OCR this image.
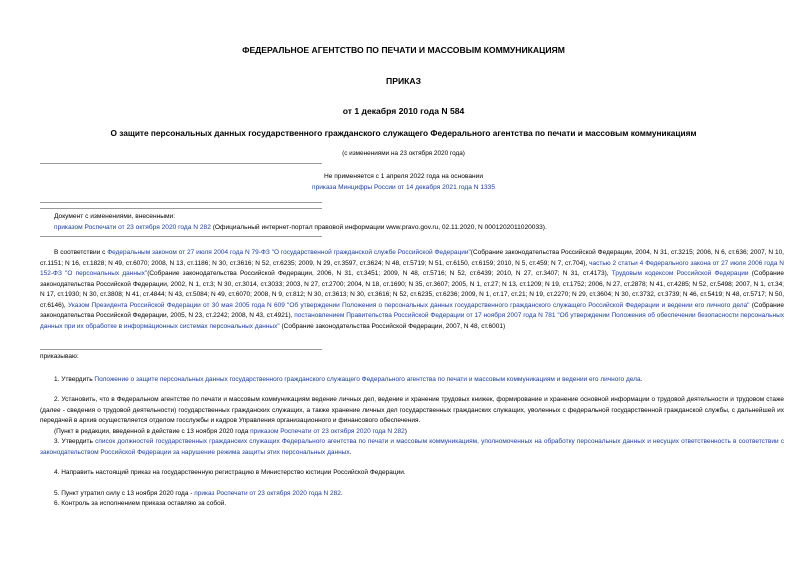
ФЕДЕРАЛЬНОЕ АГЕНТСТВО ПО ПЕЧАТИ И МАССОВЫМ КОММУНИКАЦИЯМ
ПРИКАЗ
от 1 декабря 2010 года N 584
О защите персональных данных государственного гражданского служащего Федерального агентства по печати и массовым коммуникациям
(с изменениями на 23 октября 2020 года)
Не применяется с 1 апреля 2022 года на основании
приказа Минцифры России от 14 декабря 2021 года N 1335
Документ с изменениями, внесенными:
приказом Роспечати от 23 октября 2020 года N 282 (Официальный интернет-портал правовой информации www.pravo.gov.ru, 02.11.2020, N 0001202011020033).
В соответствии с Федеральным законом от 27 июля 2004 года N 79-ФЗ "О государственной гражданской службе Российской Федерации"(Собрание законодательства Российской Федерации, 2004, N 31, ст.3215; 2006, N 6, ст.636; 2007, N 10, ст.1151; N 16, ст.1828; N 49, ст.6070; 2008, N 13, ст.1186; N 30, ст.3616; N 52, ст.6235; 2009, N 29, ст.3597, ст.3624; N 48, ст.5719; N 51, ст.6150, ст.6159; 2010, N 5, ст.459; N 7, ст.704), частью 2 статьи 4 Федерального закона от 27 июля 2006 года N 152-ФЗ "О персональных данных"(Собрание законодательства Российской Федерации, 2006, N 31, ст.3451; 2009, N 48, ст.5716; N 52, ст.6439; 2010, N 27, ст.3407; N 31, ст.4173), Трудовым кодексом Российской Федерации (Собрание законодательства Российской Федерации, 2002, N 1, ст.3; N 30, ст.3014, ст.3033; 2003, N 27, ст.2700; 2004, N 18, ст.1690; N 35, ст.3607; 2005, N 1, ст.27; N 13, ст.1209; N 19, ст.1752; 2006, N 27, ст.2878; N 41, ст.4285; N 52, ст.5498; 2007, N 1, ст.34; N 17, ст.1930; N 30, ст.3808; N 41, ст.4844; N 43, ст.5084; N 49, ст.6070; 2008, N 9, ст.812; N 30, ст.3613; N 30, ст.3616; N 52, ст.6235, ст.6236; 2009, N 1, ст.17, ст.21; N 19, ст.2270; N 29, ст.3604; N 30, ст.3732, ст.3739; N 46, ст.5419; N 48, ст.5717; N 50, ст.6146), Указом Президента Российской Федерации от 30 мая 2005 года N 609 "Об утверждении Положения о персональных данных государственного гражданского служащего Российской Федерации и ведении его личного дела" (Собрание законодательства Российской Федерации, 2005, N 23, ст.2242; 2008, N 43, ст.4921), постановлением Правительства Российской Федерации от 17 ноября 2007 года N 781 "Об утверждении Положения об обеспечении безопасности персональных данных при их обработке в информационных системах персональных данных" (Собрание законодательства Российской Федерации, 2007, N 48, ст.6001)
приказываю:
1. Утвердить Положение о защите персональных данных государственного гражданского служащего Федерального агентства по печати и массовым коммуникациям и ведении его личного дела.
2. Установить, что в Федеральном агентстве по печати и массовым коммуникациям ведение личных дел, ведение и хранение трудовых книжек, формирование и хранение основной информации о трудовой деятельности и трудовом стаже (далее - сведения о трудовой деятельности) государственных гражданских служащих, а также хранение личных дел государственных гражданских служащих, уволенных с федеральной государственной гражданской службы, с дальнейшей их передачей в архив осуществляется отделом госслужбы и кадров Управления организационного и финансового обеспечения.
(Пункт в редакции, введенной в действие с 13 ноября 2020 года приказом Роспечати от 23 октября 2020 года N 282)
3. Утвердить список должностей государственных гражданских служащих Федерального агентства по печати и массовым коммуникациям, уполномоченных на обработку персональных данных и несущих ответственность в соответствии с законодательством Российской Федерации за нарушение режима защиты этих персональных данных.
4. Направить настоящий приказ на государственную регистрацию в Министерство юстиции Российской Федерации.
5. Пункт утратил силу с 13 ноября 2020 года - приказ Роспечати от 23 октября 2020 года N 282.
6. Контроль за исполнением приказа оставляю за собой.
